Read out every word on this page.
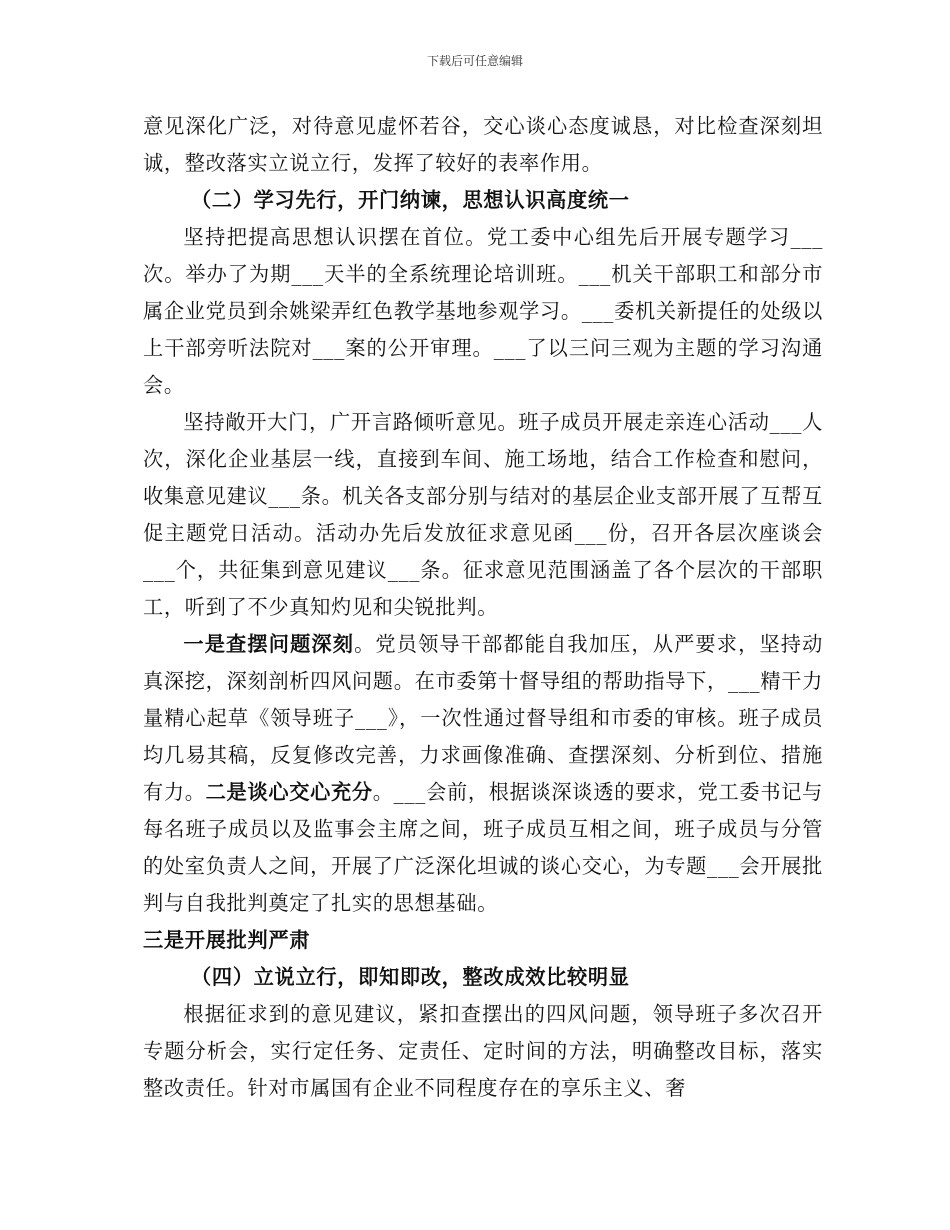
下载后可任意编辑

意见深化广泛，对待意见虚怀若谷，交心谈心态度诚恳，对比检查深刻坦诚，整改落实立说立行，发挥了较好的表率作用。

（二）学习先行，开门纳谏，思想认识高度统一

坚持把提高思想认识摆在首位。党工委中心组先后开展专题学习___次。举办了为期___天半的全系统理论培训班。___机关干部职工和部分市属企业党员到余姚梁弄红色教学基地参观学习。___委机关新提任的处级以上干部旁听法院对___案的公开审理。___了以三问三观为主题的学习沟通会。

坚持敞开大门，广开言路倾听意见。班子成员开展走亲连心活动___人次，深化企业基层一线，直接到车间、施工场地，结合工作检查和慰问，收集意见建议___条。机关各支部分别与结对的基层企业支部开展了互帮互促主题党日活动。活动办先后发放征求意见函___份，召开各层次座谈会___个，共征集到意见建议___条。征求意见范围涵盖了各个层次的干部职工，听到了不少真知灼见和尖锐批判。

一是查摆问题深刻。党员领导干部都能自我加压，从严要求，坚持动真深挖，深刻剖析四风问题。在市委第十督导组的帮助指导下，___精干力量精心起草《领导班子___》，一次性通过督导组和市委的审核。班子成员均几易其稿，反复修改完善，力求画像准确、查摆深刻、分析到位、措施有力。二是谈心交心充分。___会前，根据谈深谈透的要求，党工委书记与每名班子成员以及监事会主席之间，班子成员互相之间，班子成员与分管的处室负责人之间，开展了广泛深化坦诚的谈心交心，为专题___会开展批判与自我批判奠定了扎实的思想基础。

三是开展批判严肃

（四）立说立行，即知即改，整改成效比较明显

根据征求到的意见建议，紧扣查摆出的四风问题，领导班子多次召开专题分析会，实行定任务、定责任、定时间的方法，明确整改目标，落实整改责任。针对市属国有企业不同程度存在的享乐主义、奢
